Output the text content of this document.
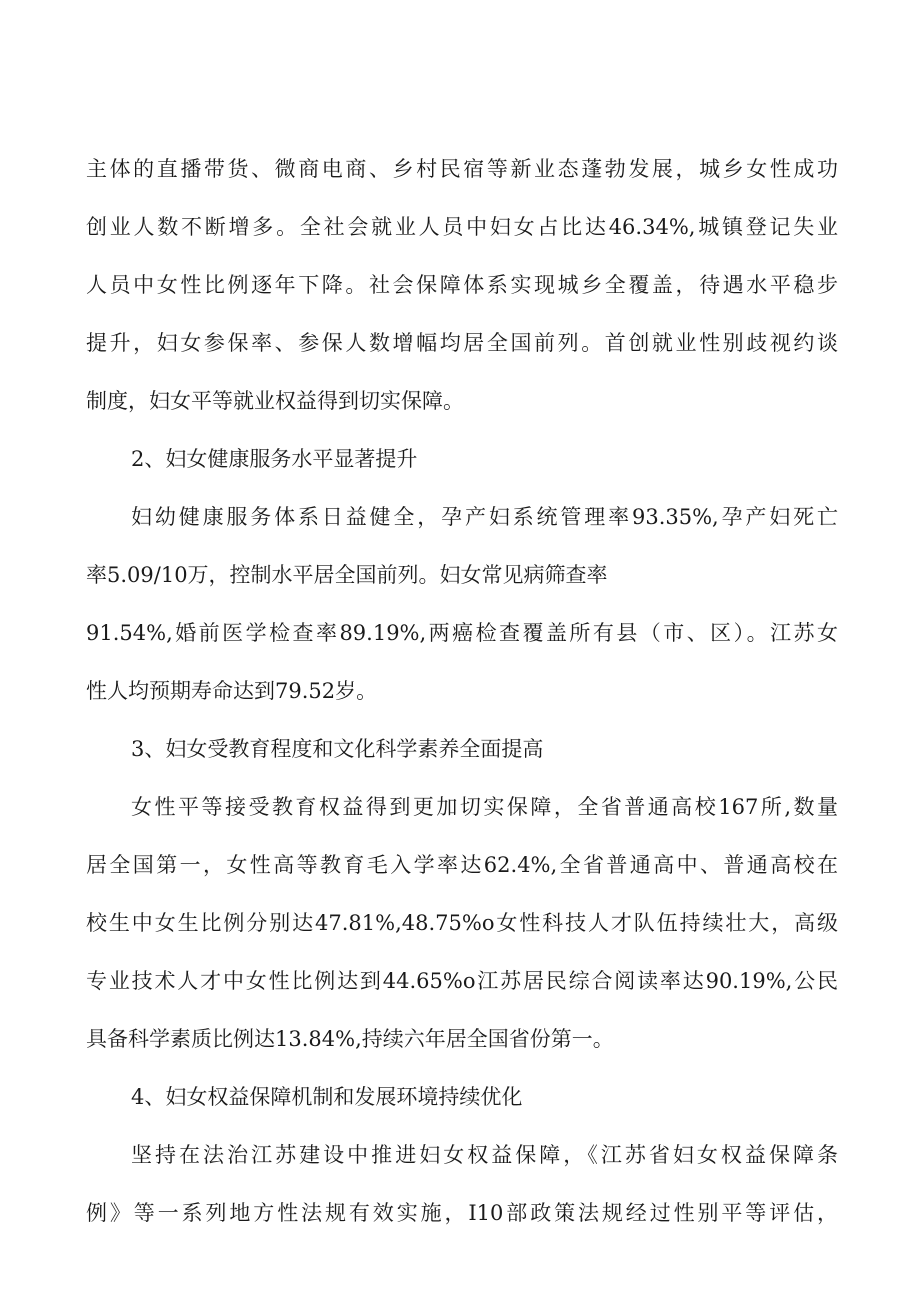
主体的直播带货、微商电商、乡村民宿等新业态蓬勃发展，城乡女性成功
创业人数不断增多。全社会就业人员中妇女占比达46.34%,城镇登记失业
人员中女性比例逐年下降。社会保障体系实现城乡全覆盖，待遇水平稳步
提升，妇女参保率、参保人数增幅均居全国前列。首创就业性别歧视约谈
制度，妇女平等就业权益得到切实保障。
2、妇女健康服务水平显著提升
妇幼健康服务体系日益健全，孕产妇系统管理率93.35%,孕产妇死亡
率5.09/10万，控制水平居全国前列。妇女常见病筛查率
91.54%,婚前医学检查率89.19%,两癌检查覆盖所有县（市、区）。江苏女
性人均预期寿命达到79.52岁。
3、妇女受教育程度和文化科学素养全面提高
女性平等接受教育权益得到更加切实保障，全省普通高校167所,数量
居全国第一，女性高等教育毛入学率达62.4%,全省普通高中、普通高校在
校生中女生比例分别达47.81%,48.75%o女性科技人才队伍持续壮大，高级
专业技术人才中女性比例达到44.65%o江苏居民综合阅读率达90.19%,公民
具备科学素质比例达13.84%,持续六年居全国省份第一。
4、妇女权益保障机制和发展环境持续优化
坚持在法治江苏建设中推进妇女权益保障，《江苏省妇女权益保障条
例》等一系列地方性法规有效实施，I10部政策法规经过性别平等评估，
